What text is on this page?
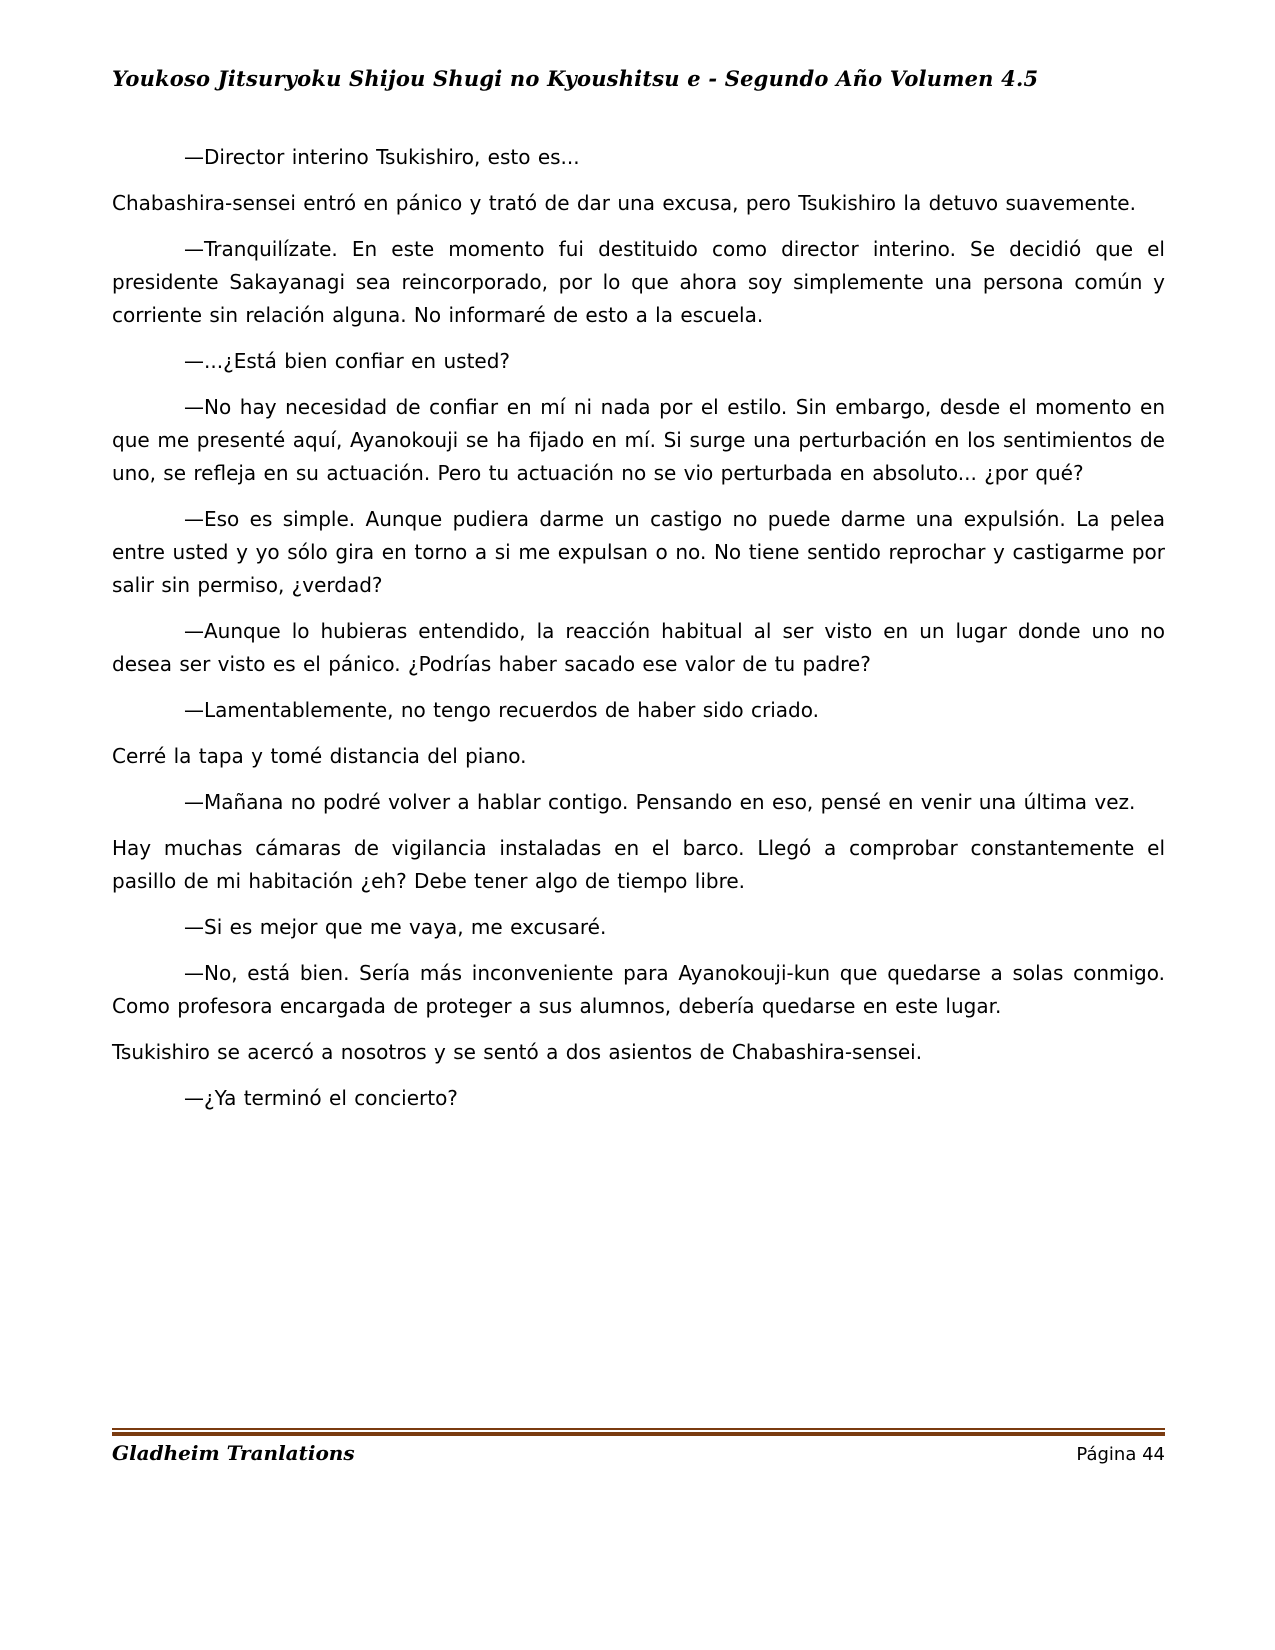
Youkoso Jitsuryoku Shijou Shugi no Kyoushitsu e - Segundo Año Volumen 4.5

—Director interino Tsukishiro, esto es...

Chabashira-sensei entró en pánico y trató de dar una excusa, pero Tsukishiro la detuvo suavemente.

—Tranquilízate. En este momento fui destituido como director interino. Se decidió que el presidente Sakayanagi sea reincorporado, por lo que ahora soy simplemente una persona común y corriente sin relación alguna. No informaré de esto a la escuela.

—...¿Está bien confiar en usted?

—No hay necesidad de confiar en mí ni nada por el estilo. Sin embargo, desde el momento en que me presenté aquí, Ayanokouji se ha fijado en mí. Si surge una perturbación en los sentimientos de uno, se refleja en su actuación. Pero tu actuación no se vio perturbada en absoluto... ¿por qué?

—Eso es simple. Aunque pudiera darme un castigo no puede darme una expulsión. La pelea entre usted y yo sólo gira en torno a si me expulsan o no. No tiene sentido reprochar y castigarme por salir sin permiso, ¿verdad?

—Aunque lo hubieras entendido, la reacción habitual al ser visto en un lugar donde uno no desea ser visto es el pánico. ¿Podrías haber sacado ese valor de tu padre?

—Lamentablemente, no tengo recuerdos de haber sido criado.

Cerré la tapa y tomé distancia del piano.

—Mañana no podré volver a hablar contigo. Pensando en eso, pensé en venir una última vez.

Hay muchas cámaras de vigilancia instaladas en el barco. Llegó a comprobar constantemente el pasillo de mi habitación ¿eh? Debe tener algo de tiempo libre.

—Si es mejor que me vaya, me excusaré.

—No, está bien. Sería más inconveniente para Ayanokouji-kun que quedarse a solas conmigo. Como profesora encargada de proteger a sus alumnos, debería quedarse en este lugar.

Tsukishiro se acercó a nosotros y se sentó a dos asientos de Chabashira-sensei.

—¿Ya terminó el concierto?

Gladheim Tranlations	Página 44
